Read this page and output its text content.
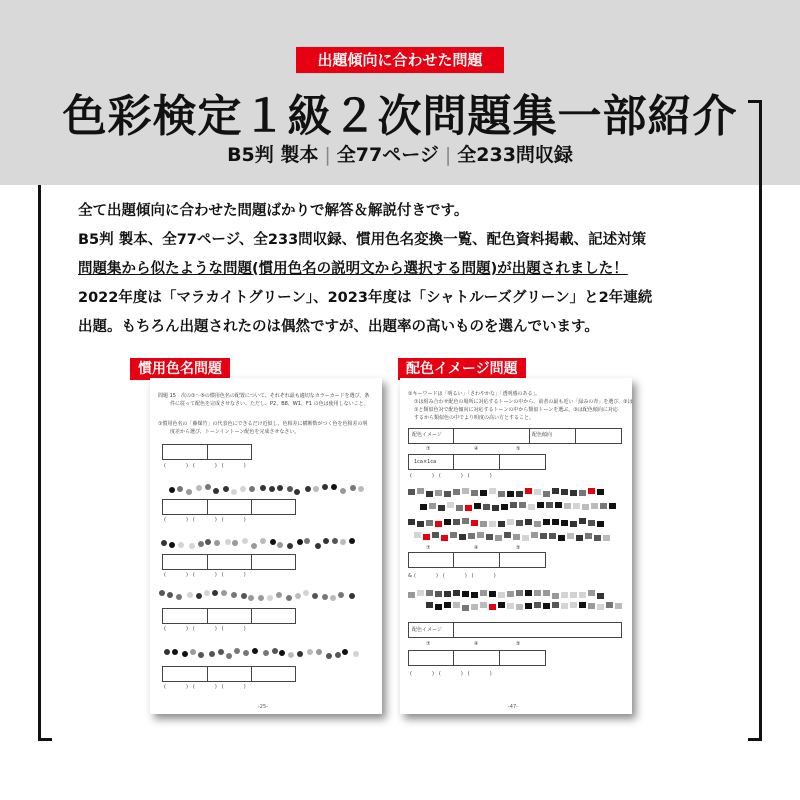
出題傾向に合わせた問題
色彩検定１級２次問題集一部紹介
B5判 製本 | 全77ページ | 全233問収録
全て出題傾向に合わせた問題ばかりで解答＆解説付きです。
B5判 製本、全77ページ、全233問収録、慣用色名変換一覧、配色資料掲載、記述対策
問題集から似たような問題(慣用色名の説明文から選択する問題)が出題されました！
2022年度は「マラカイトグリーン」、2023年度は「シャトルーズグリーン」と2年連続
出題。もちろん出題されたのは偶然ですが、出題率の高いものを選んでいます。
慣用色名問題
問題 15　次の①～⑤の慣用色名の配置について、それぞれ最も適切なカラーカードを選び、条
件に従って配色を完成させなさい。ただし、P2、B8、W1、F1 の色は使用しないこと。
①慣用色名の「藤煤竹」の代表色にできるだけ近似し、色相差に横断数がつく色を色相差の明
度差から選び、トーンイントーン配色を完成させなさい。
(　　　　)　(　　　　)　(　　　　)
(　　　　)　(　　　　)　(　　　　)
(　　　　)　(　　　　)　(　　　　)
(　　　　)　(　　　　)　(　　　　)
(　　　　)　(　　　　)　(　　　　)
-25-
配色イメージ問題
②キーワードは「明るい」「さわやかな」「透明感のある」。
①は組み合わせ配色の場所に対応するトーンの中から、前者の最も近い「緑みの青」を選び、②は
①と類似色対で配色傾向に対応するトーンの中から類似トーンを選ぶ。③は配色傾向に対応
するから類似色の中でより明度の高い方とすること。
配色イメージ	配色傾向
⑦	④	⑤
1ca×1ca
(　　　　)　(　　　　)　(　　　　)
⑦	④	⑤
& (　　　　)　(　　　　)　(　　　　)
配色イメージ
⑦	④	⑤
(　　　　)　(　　　　)　(　　　　)
-47-
